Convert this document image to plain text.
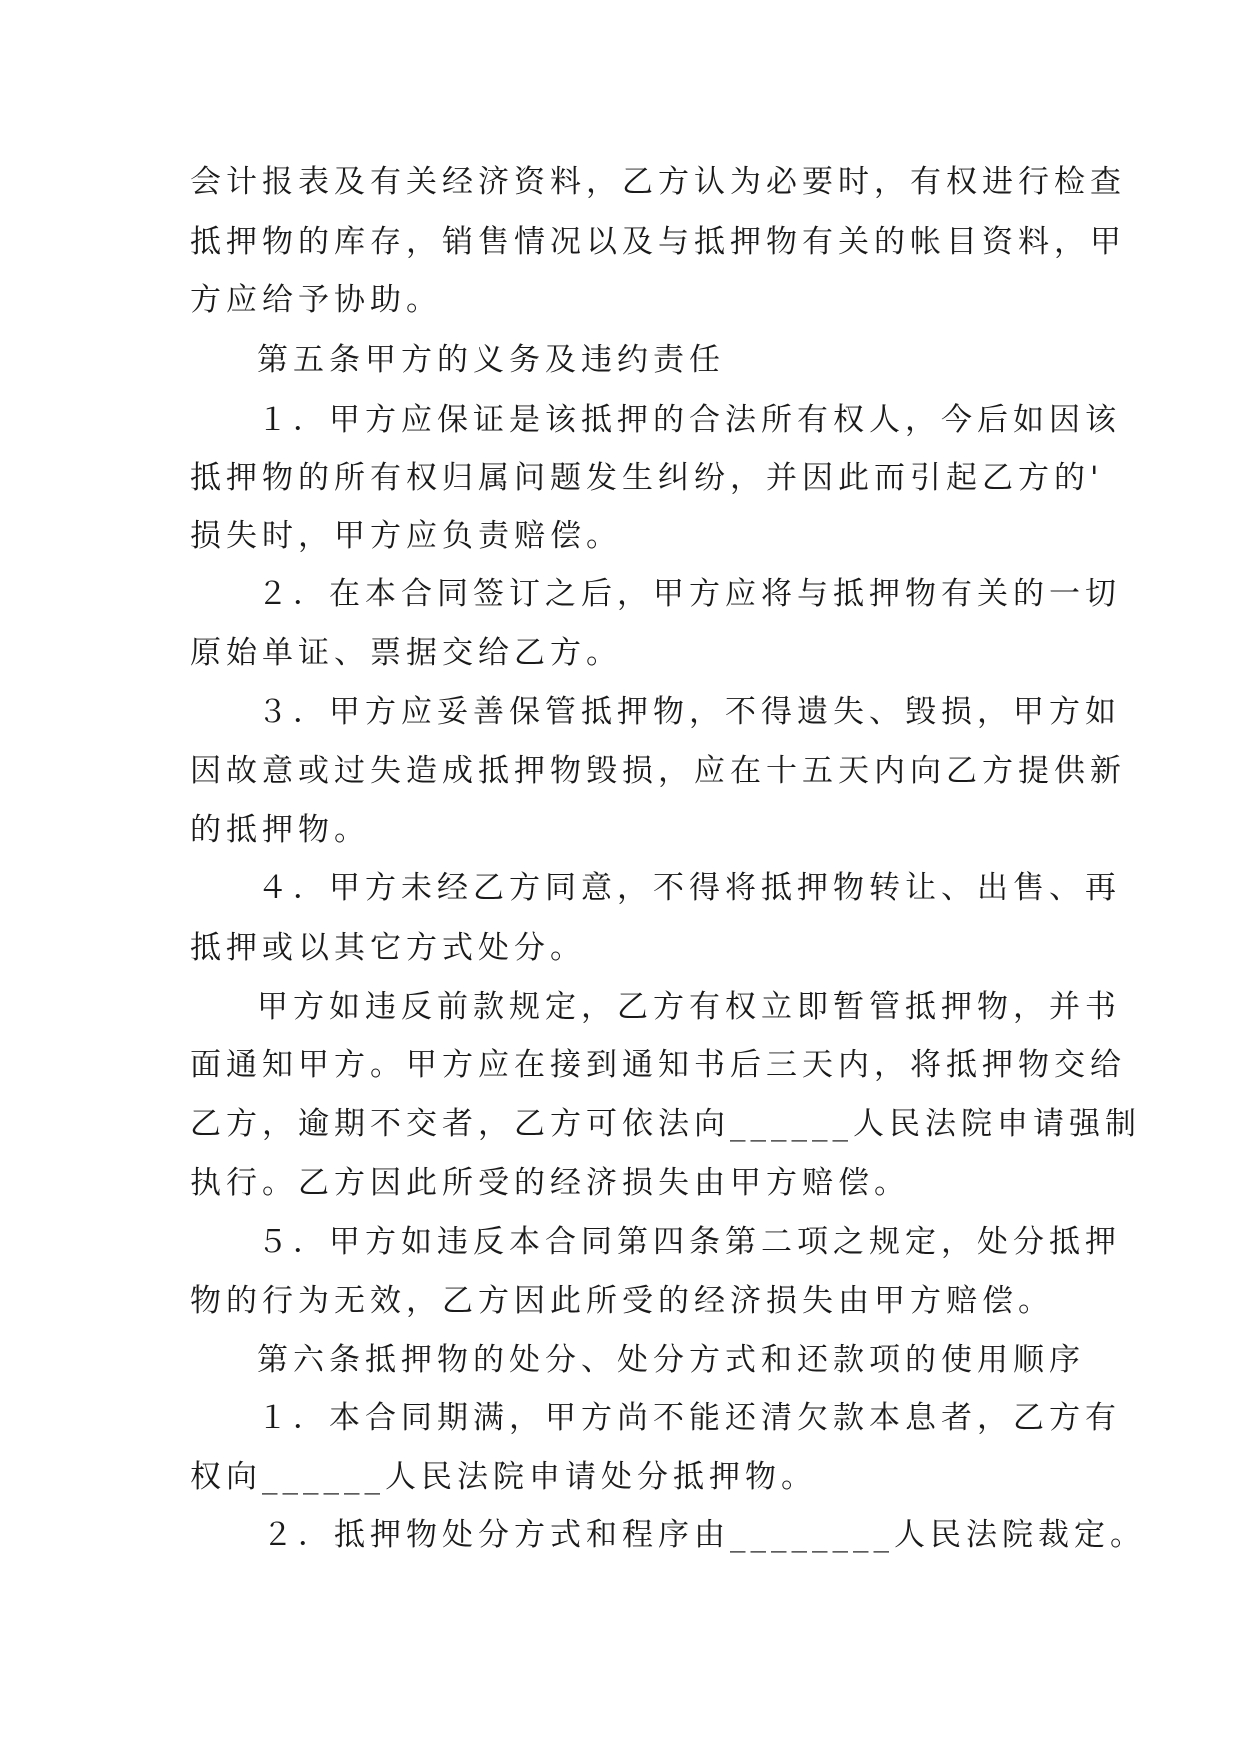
会计报表及有关经济资料，乙方认为必要时，有权进行检查
抵押物的库存，销售情况以及与抵押物有关的帐目资料，甲
方应给予协助。
第五条甲方的义务及违约责任
１．甲方应保证是该抵押的合法所有权人，今后如因该
抵押物的所有权归属问题发生纠纷，并因此而引起乙方的'
损失时，甲方应负责赔偿。
２．在本合同签订之后，甲方应将与抵押物有关的一切
原始单证、票据交给乙方。
３．甲方应妥善保管抵押物，不得遗失、毁损，甲方如
因故意或过失造成抵押物毁损，应在十五天内向乙方提供新
的抵押物。
４．甲方未经乙方同意，不得将抵押物转让、出售、再
抵押或以其它方式处分。
甲方如违反前款规定，乙方有权立即暂管抵押物，并书
面通知甲方。甲方应在接到通知书后三天内，将抵押物交给
乙方，逾期不交者，乙方可依法向______人民法院申请强制
执行。乙方因此所受的经济损失由甲方赔偿。
５．甲方如违反本合同第四条第二项之规定，处分抵押
物的行为无效，乙方因此所受的经济损失由甲方赔偿。
第六条抵押物的处分、处分方式和还款项的使用顺序
１．本合同期满，甲方尚不能还清欠款本息者，乙方有
权向______人民法院申请处分抵押物。
２．抵押物处分方式和程序由________人民法院裁定。
